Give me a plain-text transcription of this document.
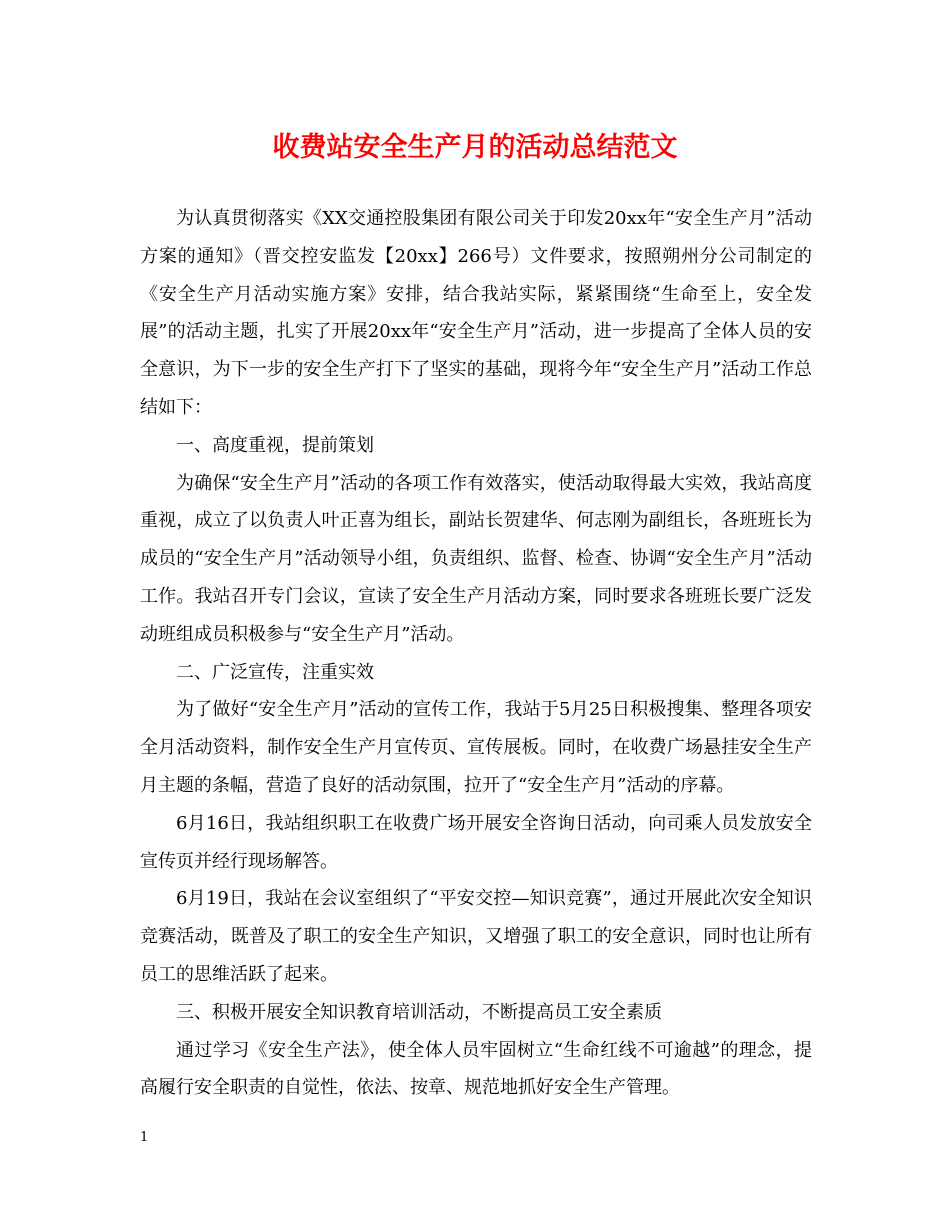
收费站安全生产月的活动总结范文

为认真贯彻落实《XX交通控股集团有限公司关于印发20xx年“安全生产月”活动方案的通知》（晋交控安监发【20xx】266号）文件要求，按照朔州分公司制定的《安全生产月活动实施方案》安排，结合我站实际，紧紧围绕“生命至上，安全发展”的活动主题，扎实了开展20xx年“安全生产月”活动，进一步提高了全体人员的安全意识，为下一步的安全生产打下了坚实的基础，现将今年“安全生产月”活动工作总结如下：

一、高度重视，提前策划

为确保“安全生产月”活动的各项工作有效落实，使活动取得最大实效，我站高度重视，成立了以负责人叶正喜为组长，副站长贺建华、何志刚为副组长，各班班长为成员的“安全生产月”活动领导小组，负责组织、监督、检查、协调“安全生产月”活动工作。我站召开专门会议，宣读了安全生产月活动方案，同时要求各班班长要广泛发动班组成员积极参与“安全生产月”活动。

二、广泛宣传，注重实效

为了做好“安全生产月”活动的宣传工作，我站于5月25日积极搜集、整理各项安全月活动资料，制作安全生产月宣传页、宣传展板。同时，在收费广场悬挂安全生产月主题的条幅，营造了良好的活动氛围，拉开了“安全生产月”活动的序幕。

6月16日，我站组织职工在收费广场开展安全咨询日活动，向司乘人员发放安全宣传页并经行现场解答。

6月19日，我站在会议室组织了“平安交控—知识竞赛”，通过开展此次安全知识竞赛活动，既普及了职工的安全生产知识，又增强了职工的安全意识，同时也让所有员工的思维活跃了起来。

三、积极开展安全知识教育培训活动，不断提高员工安全素质

通过学习《安全生产法》，使全体人员牢固树立“生命红线不可逾越”的理念，提高履行安全职责的自觉性，依法、按章、规范地抓好安全生产管理。

1
